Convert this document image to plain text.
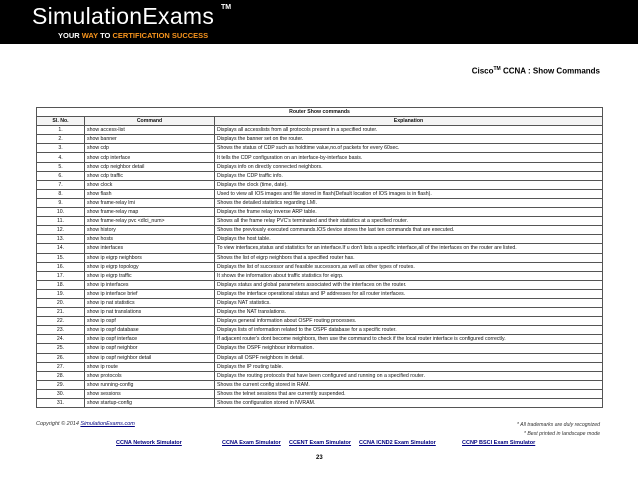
SimulationExams TM
YOUR WAY TO CERTIFICATION SUCCESS
Cisco™ CCNA : Show Commands
Router Show commands		
Sl. No.	Command	Explanation
1.	show access-list	Displays all accesslists from all protocols present in a specified router.
2.	show banner	Displays the banner set on the router.
3.	show cdp	Shows the status of CDP such as holdtime value,no.of packets for every 60sec.
4.	show cdp interface	It tells the CDP configuration on an interface-by-interface basis.
5.	show cdp neighbor detail	Displays info on directly connected neighbors.
6.	show cdp traffic	Displays the CDP traffic info.
7.	show clock	Displays the clock (time, date).
8.	show flash	Used to view all IOS images and file stored in flash(Default location of IOS images is in flash).
9.	show frame-relay lmi	Shows the detailed statistics regarding LMI.
10.	show frame-relay map	Displays the frame relay inverse ARP table.
11.	show frame-relay pvc <dlci_num>	Shows all the frame relay PVC's terminated and their statistics at a specified router.
12.	show history	Shows the previously executed commands.IOS device stores the last ten commands that are executed.
13.	show hosts	Displays the host table.
14.	show interfaces	To view interfaces,status and statistics for an interface.If u don't lists a specific interface,all of the interfaces on the router are listed.
15.	show ip eigrp neighbors	Shows the list of eigrp neighbors that a specified router has.
16.	show ip eigrp topology	Displays the list of successor and feasible successors,as well as other types of routes.
17.	show ip eigrp traffic	It shows the information about traffic statistics for eigrp.
18.	show ip interfaces	Displays status and global parameters associated with the interfaces on the router.
19.	show ip interface brief	Displays the interface operational status and IP addresses for all router interfaces.
20.	show ip nat statistics	Displays NAT statistics.
21.	show ip nat translations	Displays the NAT translations.
22.	show ip ospf	Displays general information about OSPF routing processes.
23.	show ip ospf database	Displays lists of information related to the OSPF database for a specific router.
24.	show ip ospf interface	If adjacent router's dont become neighbors, then use the command to check if the local router interface is configured correctly.
25.	show ip ospf neighbor	Displays the OSPF neighbour information.
26.	show ip ospf neighbor detail	Displays all OSPF neighbors in detail.
27.	show ip route	Displays the IP routing table.
28.	show protocols	Displays the routing protocols that have been configured and running on a specified router.
29.	show running-config	Shows the current config stored in RAM.
30.	show sessions	Shows the telnet sessions that are currently suspended.
31.	show startup-config	Shows the configuration stored in NVRAM.
Copyright © 2014 SimulationExams.com	* All trademarks are duly recognized
* Best printed in landscape mode
CCNA Network Simulator	CCNA Exam Simulator CCENT Exam Simulator CCNA ICND2 Exam Simulator	CCNP BSCI Exam Simulator
23
